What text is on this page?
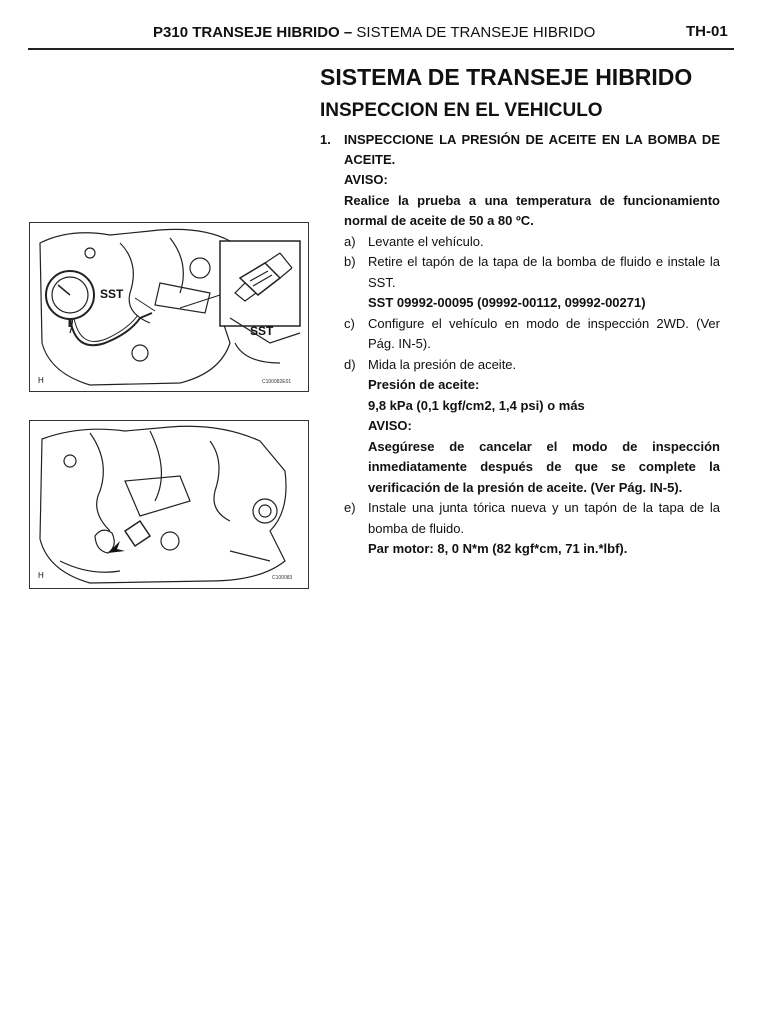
P310 TRANSEJE HIBRIDO – SISTEMA DE TRANSEJE HIBRIDO	TH-01
SST
SST
H	C100082E01
H	C100083
SISTEMA DE TRANSEJE HIBRIDO
INSPECCION EN EL VEHICULO
1.	INSPECCIONE LA PRESIÓN DE ACEITE EN LA BOMBA DE ACEITE.
AVISO:
Realice la prueba a una temperatura de funcionamiento normal de aceite de 50 a 80 ºC.
a) Levante el vehículo.
b) Retire el tapón de la tapa de la bomba de fluido e instale la SST.
SST 09992-00095 (09992-00112, 09992-00271)
c)	Configure el vehículo en modo de inspección 2WD. (Ver Pág. IN-5).
d) Mida la presión de aceite.
Presión de aceite:
9,8 kPa (0,1 kgf/cm2, 1,4 psi) o más
AVISO:
Asegúrese de cancelar el modo de inspección inmediatamente después de que se complete la verificación de la presión de aceite. (Ver Pág. IN-5).
e) Instale una junta tórica nueva y un tapón de la tapa de la bomba de fluido.
Par motor: 8, 0 N*m (82 kgf*cm, 71 in.*lbf).
